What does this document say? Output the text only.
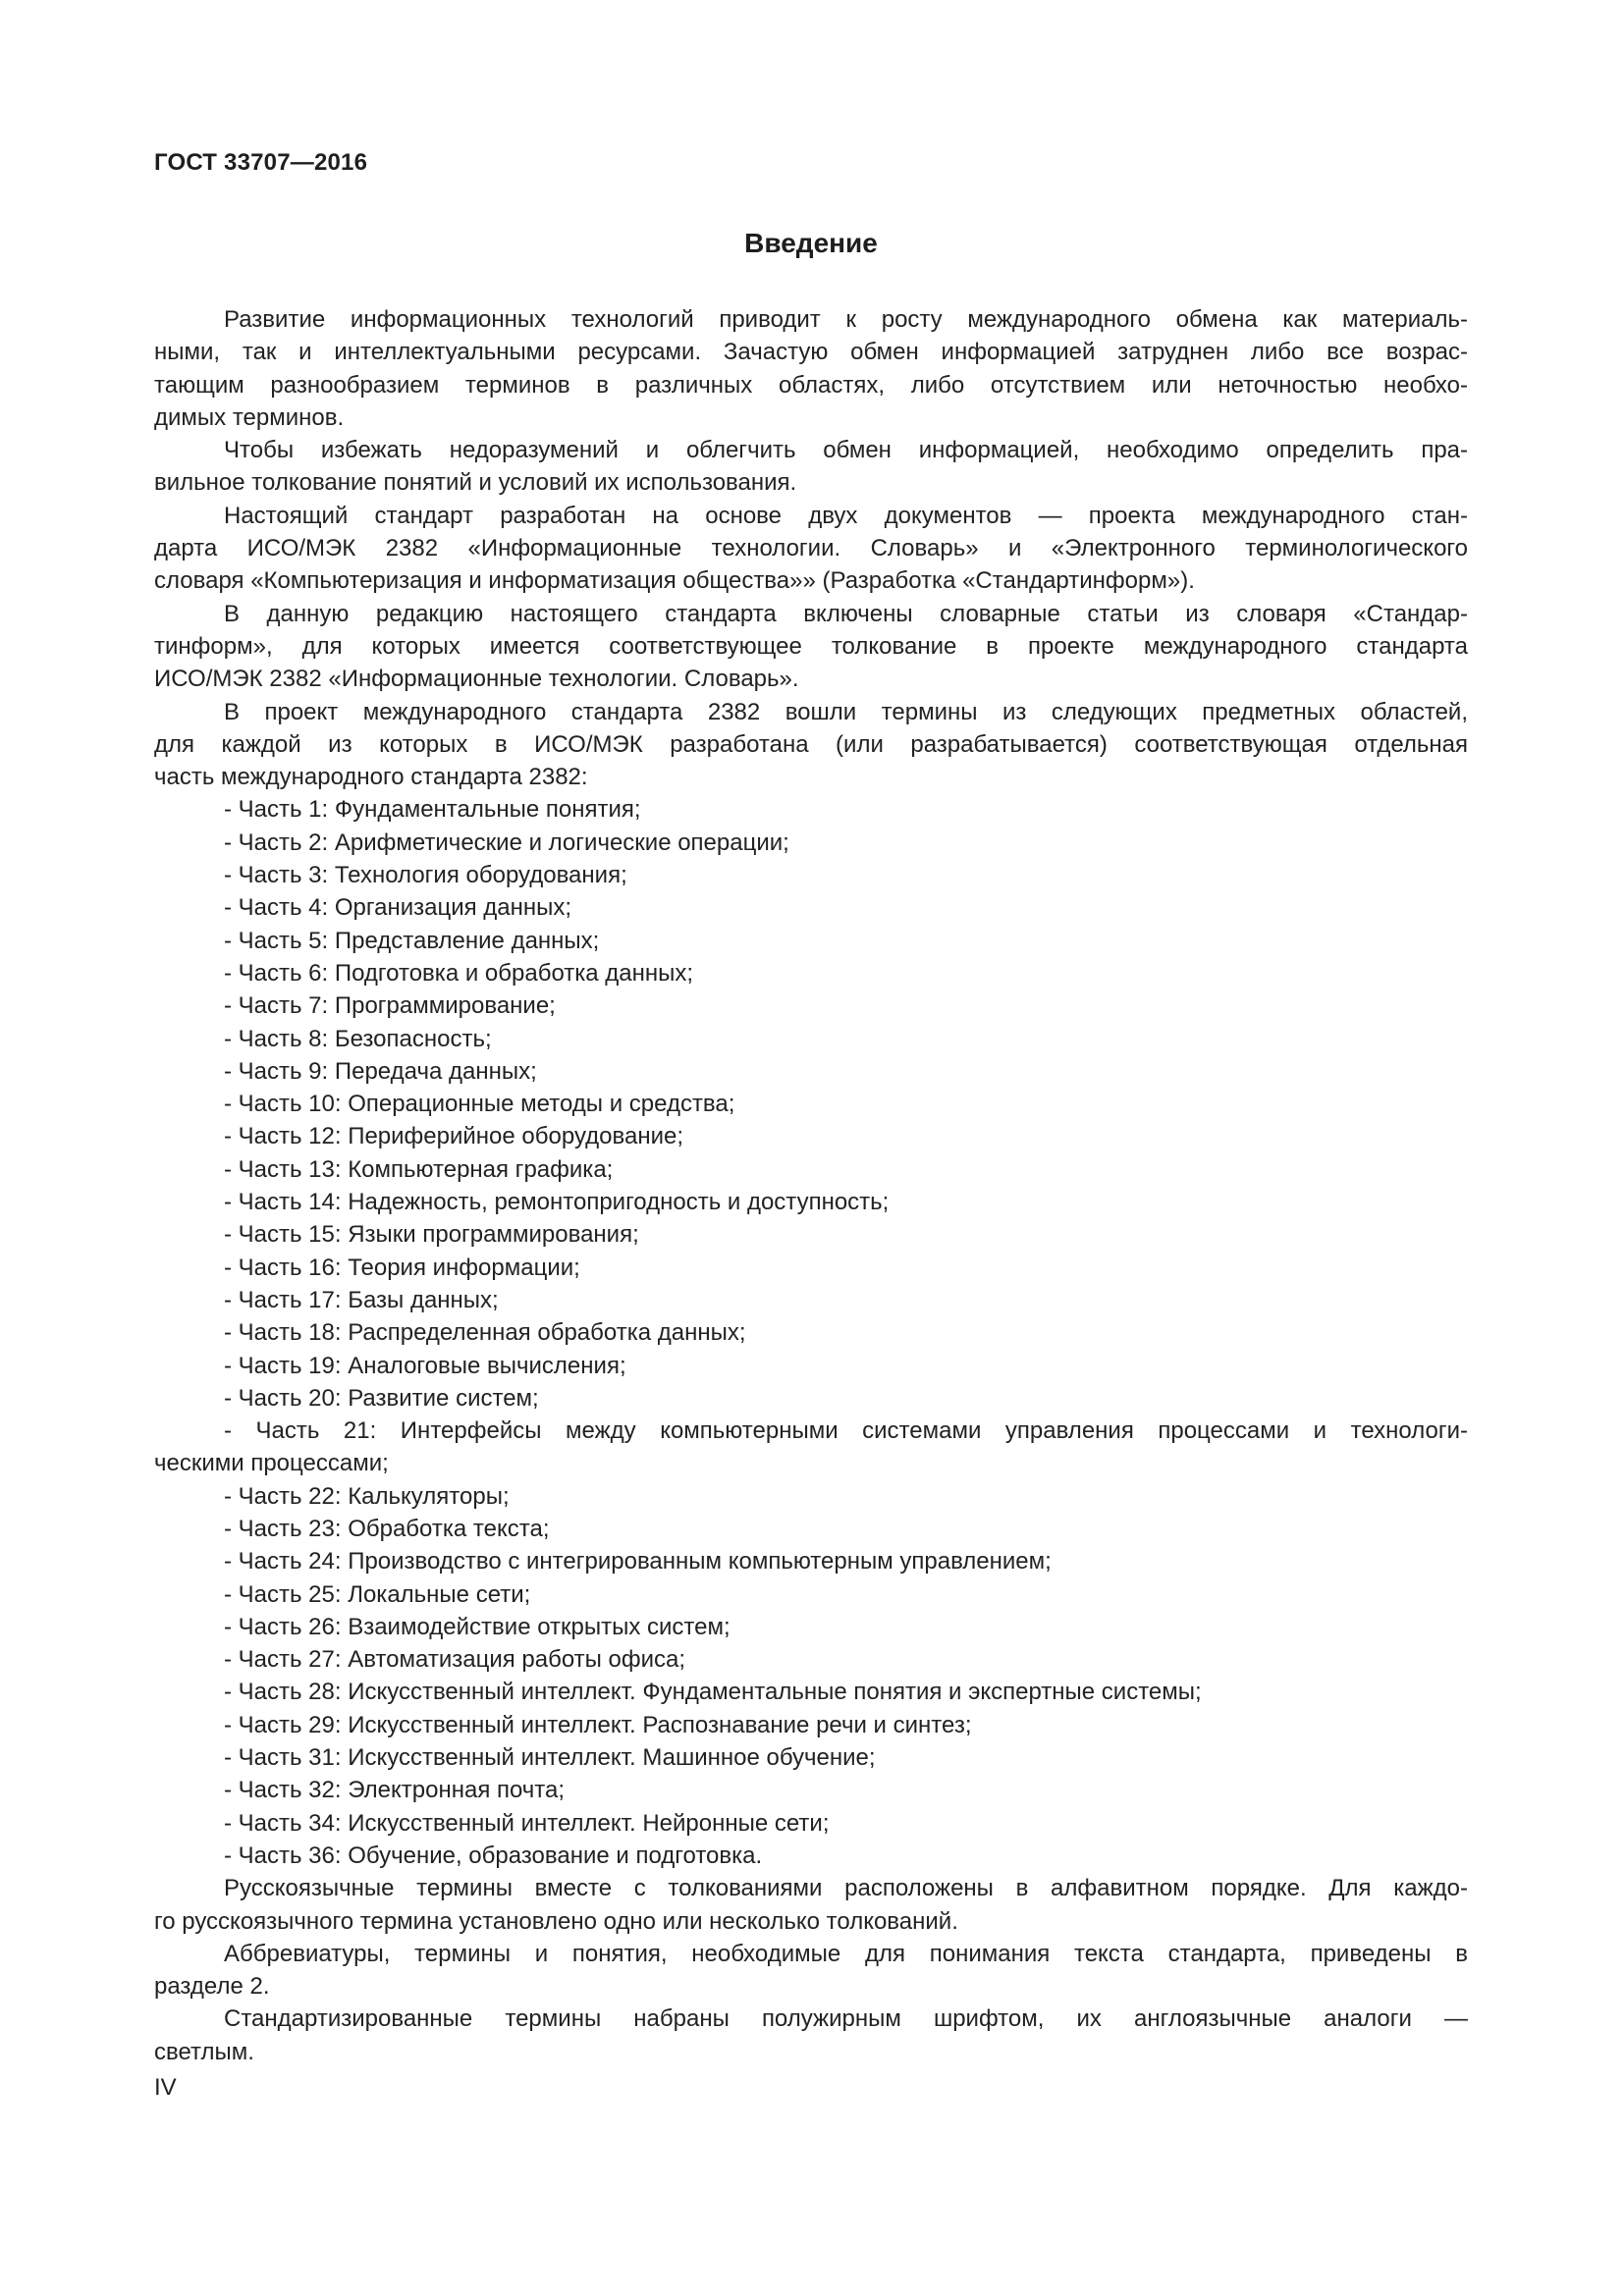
ГОСТ 33707—2016
Введение
Развитие информационных технологий приводит к росту международного обмена как материаль-
ными, так и интеллектуальными ресурсами. Зачастую обмен информацией затруднен либо все возрас-
тающим разнообразием терминов в различных областях, либо отсутствием или неточностью необхо-
димых терминов.
Чтобы избежать недоразумений и облегчить обмен информацией, необходимо определить пра-
вильное толкование понятий и условий их использования.
Настоящий стандарт разработан на основе двух документов — проекта международного стан-
дарта ИСО/МЭК 2382 «Информационные технологии. Словарь» и «Электронного терминологического
словаря «Компьютеризация и информатизация общества»» (Разработка «Стандартинформ»).
В данную редакцию настоящего стандарта включены словарные статьи из словаря «Стандар-
тинформ», для которых имеется соответствующее толкование в проекте международного стандарта
ИСО/МЭК 2382 «Информационные технологии. Словарь».
В проект международного стандарта 2382 вошли термины из следующих предметных областей,
для каждой из которых в ИСО/МЭК разработана (или разрабатывается) соответствующая отдельная
часть международного стандарта 2382:
- Часть 1: Фундаментальные понятия;
- Часть 2: Арифметические и логические операции;
- Часть 3: Технология оборудования;
- Часть 4: Организация данных;
- Часть 5: Представление данных;
- Часть 6: Подготовка и обработка данных;
- Часть 7: Программирование;
- Часть 8: Безопасность;
- Часть 9: Передача данных;
- Часть 10: Операционные методы и средства;
- Часть 12: Периферийное оборудование;
- Часть 13: Компьютерная графика;
- Часть 14: Надежность, ремонтопригодность и доступность;
- Часть 15: Языки программирования;
- Часть 16: Теория информации;
- Часть 17: Базы данных;
- Часть 18: Распределенная обработка данных;
- Часть 19: Аналоговые вычисления;
- Часть 20: Развитие систем;
- Часть 21: Интерфейсы между компьютерными системами управления процессами и технологи-
ческими процессами;
- Часть 22: Калькуляторы;
- Часть 23: Обработка текста;
- Часть 24: Производство с интегрированным компьютерным управлением;
- Часть 25: Локальные сети;
- Часть 26: Взаимодействие открытых систем;
- Часть 27: Автоматизация работы офиса;
- Часть 28: Искусственный интеллект. Фундаментальные понятия и экспертные системы;
- Часть 29: Искусственный интеллект. Распознавание речи и синтез;
- Часть 31: Искусственный интеллект. Машинное обучение;
- Часть 32: Электронная почта;
- Часть 34: Искусственный интеллект. Нейронные сети;
- Часть 36: Обучение, образование и подготовка.
Русскоязычные термины вместе с толкованиями расположены в алфавитном порядке. Для каждо-
го русскоязычного термина установлено одно или несколько толкований.
Аббревиатуры, термины и понятия, необходимые для понимания текста стандарта, приведены в
разделе 2.
Стандартизированные термины набраны полужирным шрифтом, их англоязычные аналоги —
светлым.
IV
